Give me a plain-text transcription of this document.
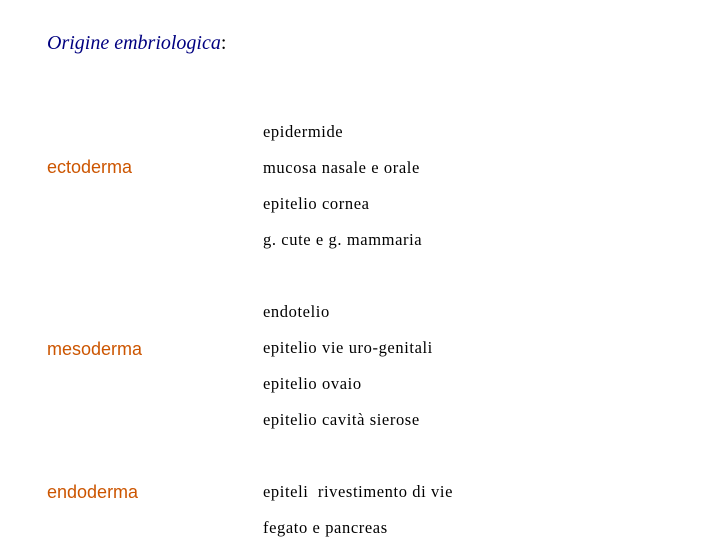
Origine embriologica:
ectoderma
epidermide
mucosa nasale e orale
epitelio cornea
g. cute e g. mammaria
mesoderma
endotelio
epitelio vie uro-genitali
epitelio ovaio
epitelio cavità sierose
endoderma	epiteli  rivestimento di vie
fegato e pancreas
